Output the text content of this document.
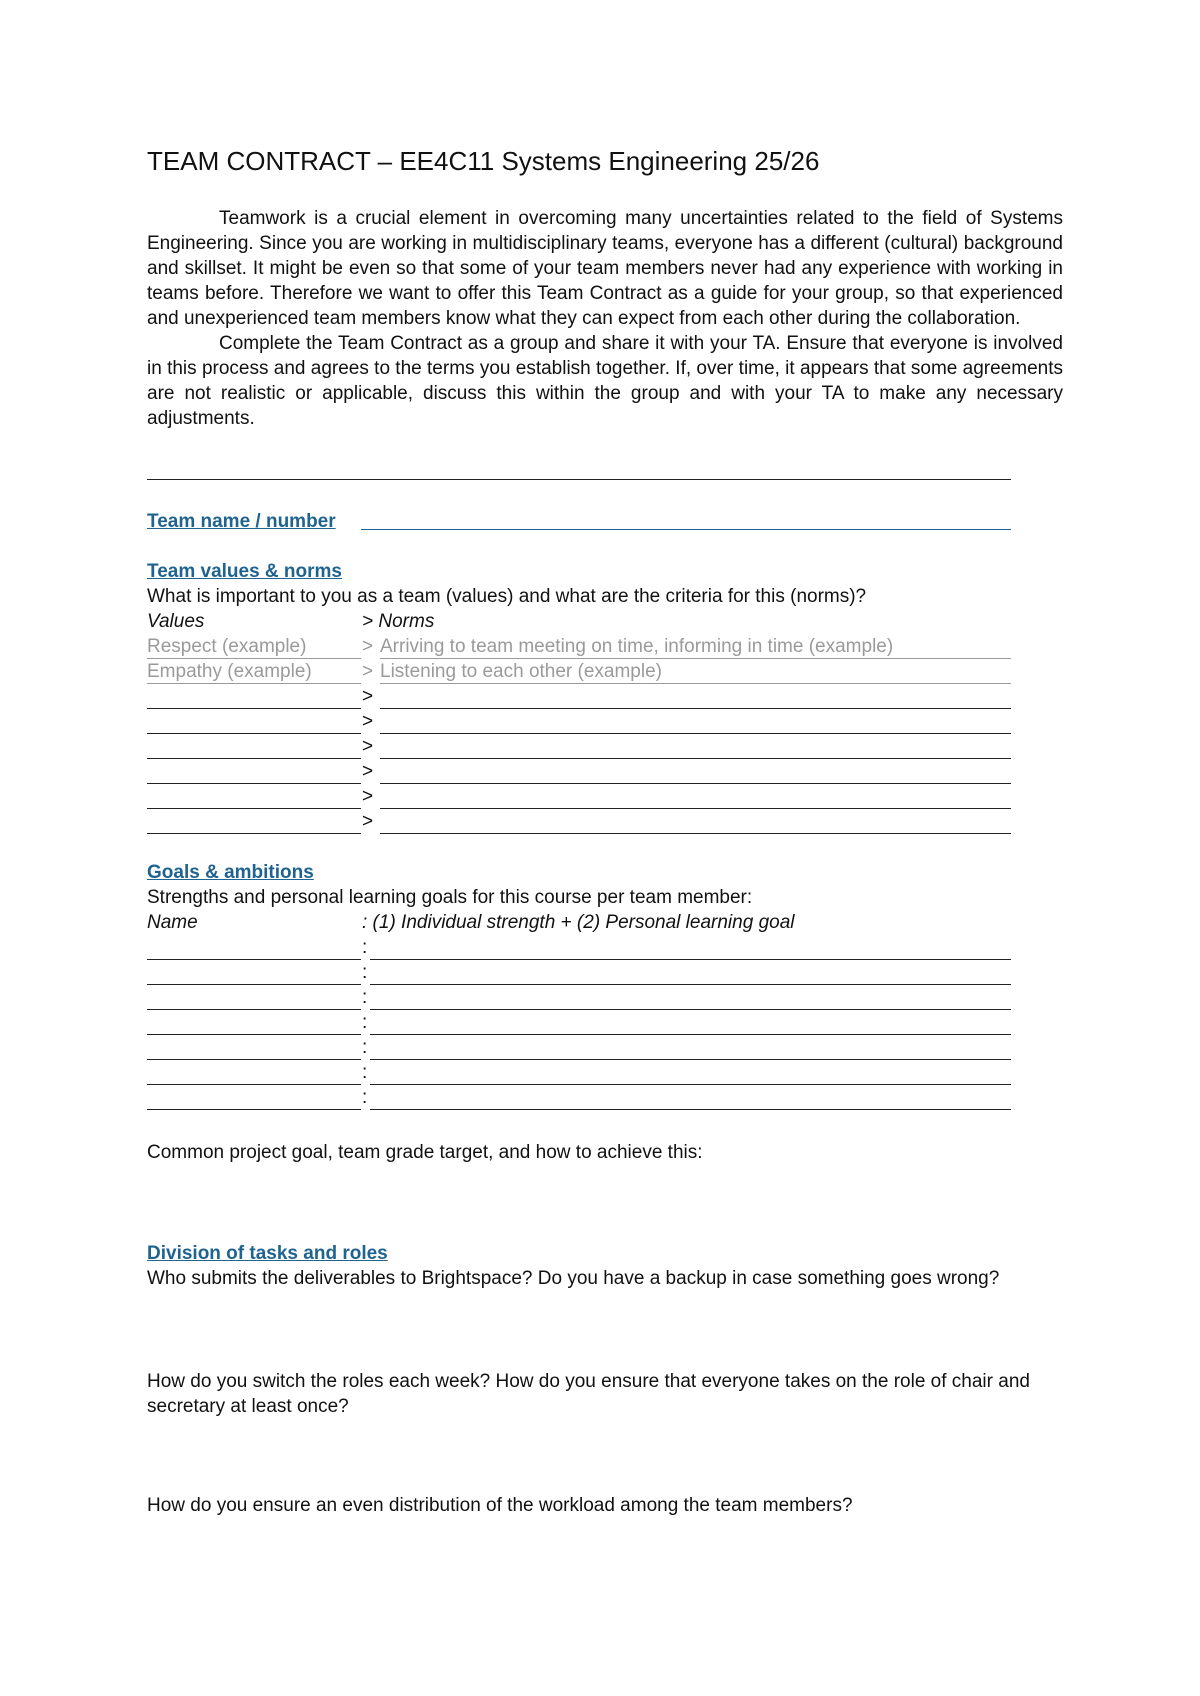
TEAM CONTRACT – EE4C11 Systems Engineering 25/26

Teamwork is a crucial element in overcoming many uncertainties related to the field of Systems Engineering. Since you are working in multidisciplinary teams, everyone has a different (cultural) background and skillset. It might be even so that some of your team members never had any experience with working in teams before. Therefore we want to offer this Team Contract as a guide for your group, so that experienced and unexperienced team members know what they can expect from each other during the collaboration.

Complete the Team Contract as a group and share it with your TA. Ensure that everyone is involved in this process and agrees to the terms you establish together. If, over time, it appears that some agreements are not realistic or applicable, discuss this within the group and with your TA to make any necessary adjustments.

Team name / number
Team values & norms
What is important to you as a team (values) and what are the criteria for this (norms)?
Values	> Norms
Respect (example)	> Arriving to team meeting on time, informing in time (example)
Empathy (example)	> Listening to each other (example)
>
>
>
>
>
>
Goals & ambitions
Strengths and personal learning goals for this course per team member:
Name	: (1) Individual strength + (2) Personal learning goal
:
:
:
:
:
:
:
Common project goal, team grade target, and how to achieve this:
Division of tasks and roles
Who submits the deliverables to Brightspace? Do you have a backup in case something goes wrong?
How do you switch the roles each week? How do you ensure that everyone takes on the role of chair and secretary at least once?
How do you ensure an even distribution of the workload among the team members?
